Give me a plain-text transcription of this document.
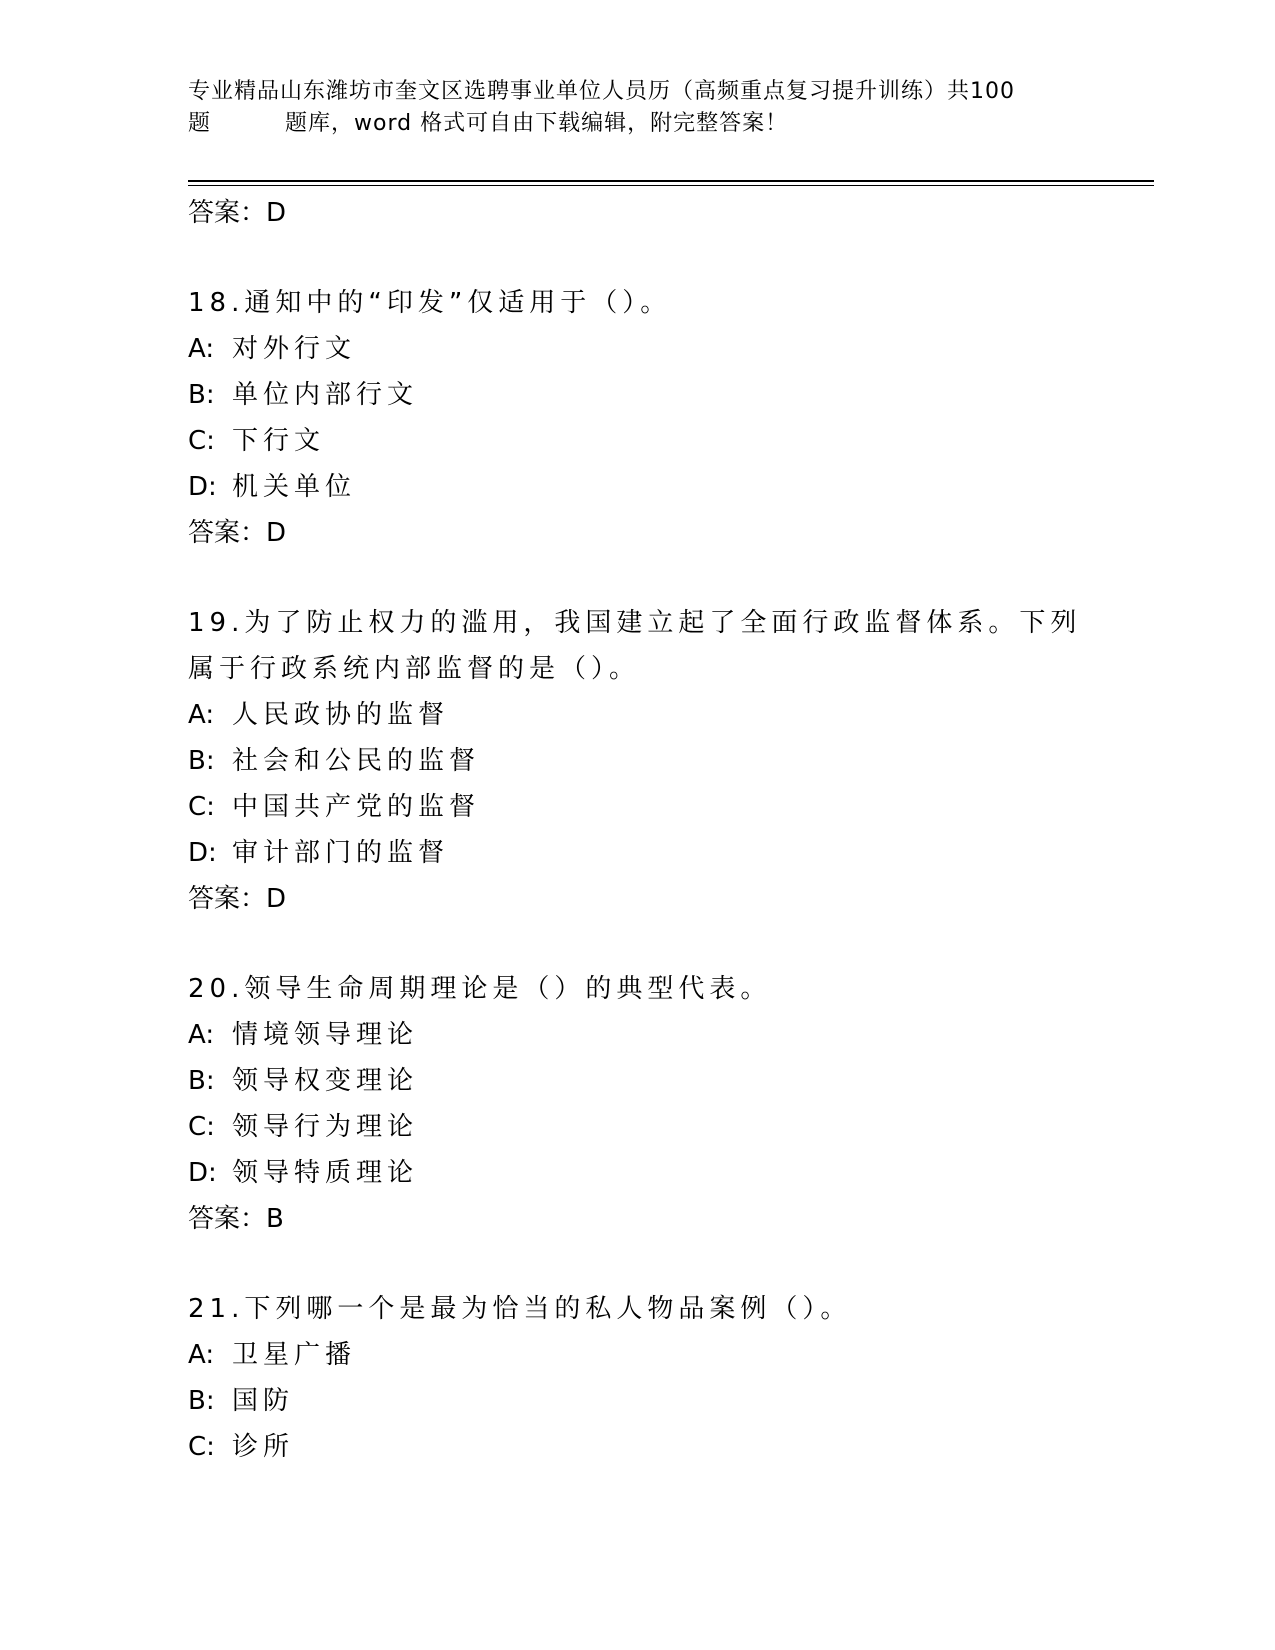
专业精品山东潍坊市奎文区选聘事业单位人员历（高频重点复习提升训练）共100
题	题库，word 格式可自由下载编辑，附完整答案！
答案：D
18.通知中的“印发”仅适用于（）。
A: 对外行文
B: 单位内部行文
C: 下行文
D: 机关单位
答案：D
19.为了防止权力的滥用，我国建立起了全面行政监督体系。下列属于行政系统内部监督的是（）。
A: 人民政协的监督
B: 社会和公民的监督
C: 中国共产党的监督
D: 审计部门的监督
答案：D
20.领导生命周期理论是（）的典型代表。
A: 情境领导理论
B: 领导权变理论
C: 领导行为理论
D: 领导特质理论
答案：B
21.下列哪一个是最为恰当的私人物品案例（）。
A: 卫星广播
B: 国防
C: 诊所
